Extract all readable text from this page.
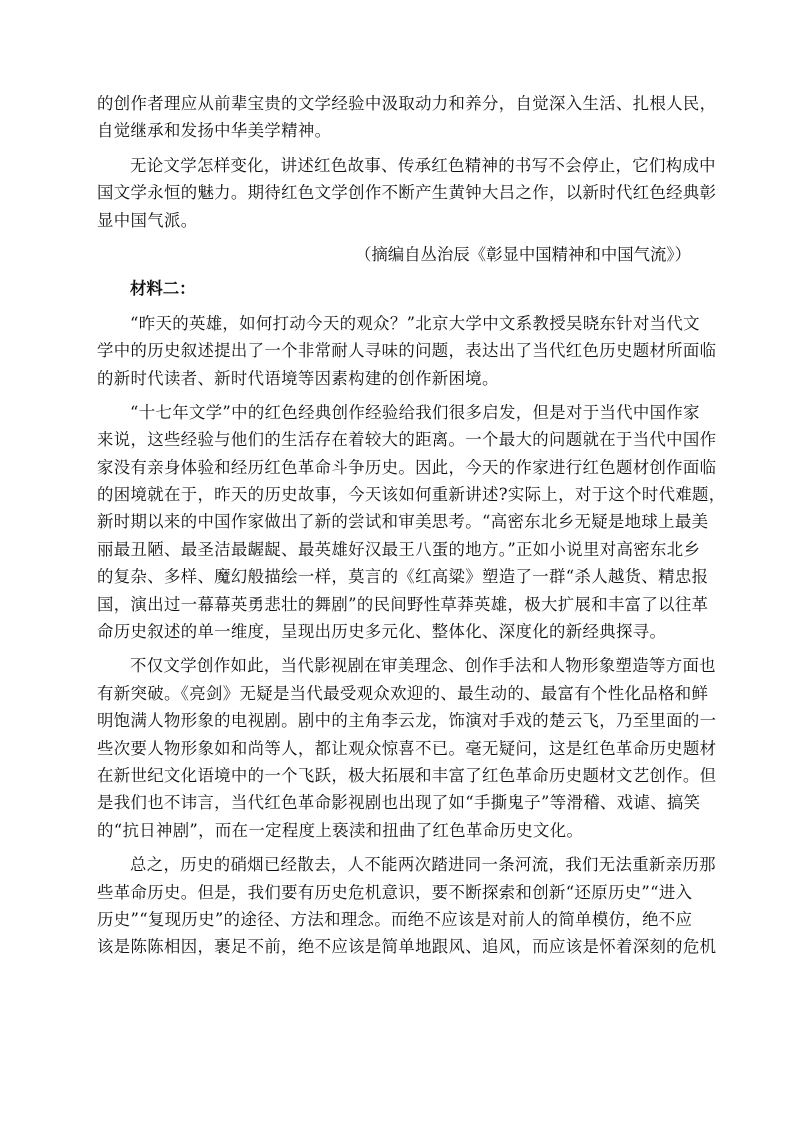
的创作者理应从前辈宝贵的文学经验中汲取动力和养分，自觉深入生活、扎根人民，
自觉继承和发扬中华美学精神。
无论文学怎样变化，讲述红色故事、传承红色精神的书写不会停止，它们构成中
国文学永恒的魅力。期待红色文学创作不断产生黄钟大吕之作，以新时代红色经典彰
显中国气派。
（摘编自丛治辰《彰显中国精神和中国气流》）
材料二：
“昨天的英雄，如何打动今天的观众？”北京大学中文系教授吴晓东针对当代文
学中的历史叙述提出了一个非常耐人寻味的问题，表达出了当代红色历史题材所面临
的新时代读者、新时代语境等因素构建的创作新困境。
“十七年文学”中的红色经典创作经验给我们很多启发，但是对于当代中国作家
来说，这些经验与他们的生活存在着较大的距离。一个最大的问题就在于当代中国作
家没有亲身体验和经历红色革命斗争历史。因此，今天的作家进行红色题材创作面临
的困境就在于，昨天的历史故事，今天该如何重新讲述?实际上，对于这个时代难题，
新时期以来的中国作家做出了新的尝试和审美思考。“高密东北乡无疑是地球上最美
丽最丑陋、最圣洁最龌龊、最英雄好汉最王八蛋的地方。”正如小说里对高密东北乡
的复杂、多样、魔幻般描绘一样，莫言的《红高粱》塑造了一群“杀人越货、精忠报
国，演出过一幕幕英勇悲壮的舞剧”的民间野性草莽英雄，极大扩展和丰富了以往革
命历史叙述的单一维度，呈现出历史多元化、整体化、深度化的新经典探寻。
不仅文学创作如此，当代影视剧在审美理念、创作手法和人物形象塑造等方面也
有新突破。《亮剑》无疑是当代最受观众欢迎的、最生动的、最富有个性化品格和鲜
明饱满人物形象的电视剧。剧中的主角李云龙，饰演对手戏的楚云飞，乃至里面的一
些次要人物形象如和尚等人，都让观众惊喜不已。毫无疑问，这是红色革命历史题材
在新世纪文化语境中的一个飞跃，极大拓展和丰富了红色革命历史题材文艺创作。但
是我们也不讳言，当代红色革命影视剧也出现了如“手撕鬼子”等滑稽、戏谑、搞笑
的“抗日神剧”，而在一定程度上亵渎和扭曲了红色革命历史文化。
总之，历史的硝烟已经散去，人不能两次踏进同一条河流，我们无法重新亲历那
些革命历史。但是，我们要有历史危机意识，要不断探索和创新“还原历史”“进入
历史”“复现历史”的途径、方法和理念。而绝不应该是对前人的简单模仿，绝不应
该是陈陈相因，裹足不前，绝不应该是简单地跟风、追风，而应该是怀着深刻的危机
